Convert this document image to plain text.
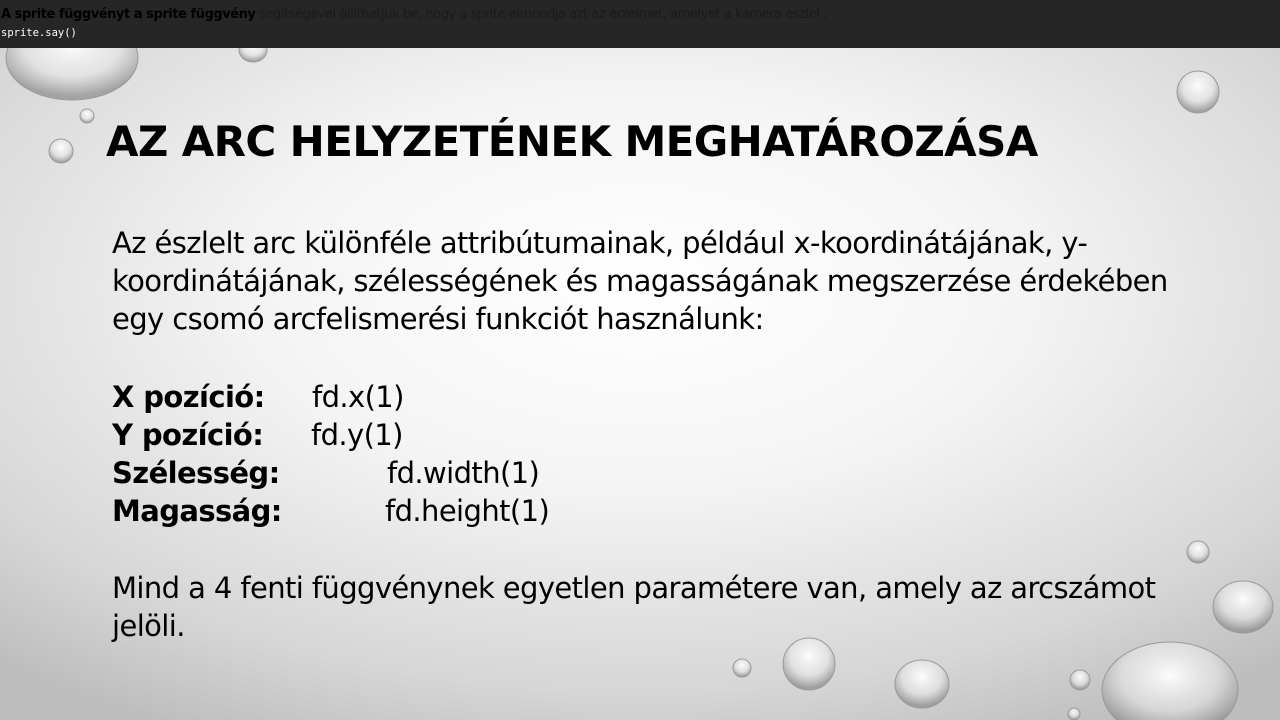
A sprite függvényt a sprite függvény segítségével állíthatjuk be, hogy a sprite elmondja azt az érzelmet, amelyet a kamera észlel .
sprite.say()
AZ ARC HELYZETÉNEK MEGHATÁROZÁSA
Az észlelt arc különféle attribútumainak, például x-koordinátájának, y-koordinátájának, szélességének és magasságának megszerzése érdekében egy csomó arcfelismerési funkciót használunk:
X pozíció: fd.x(1)
Y pozíció: fd.y(1)
Szélesség:	fd.width(1)
Magasság:	fd.height(1)
Mind a 4 fenti függvénynek egyetlen paramétere van, amely az arcszámot jelöli.
